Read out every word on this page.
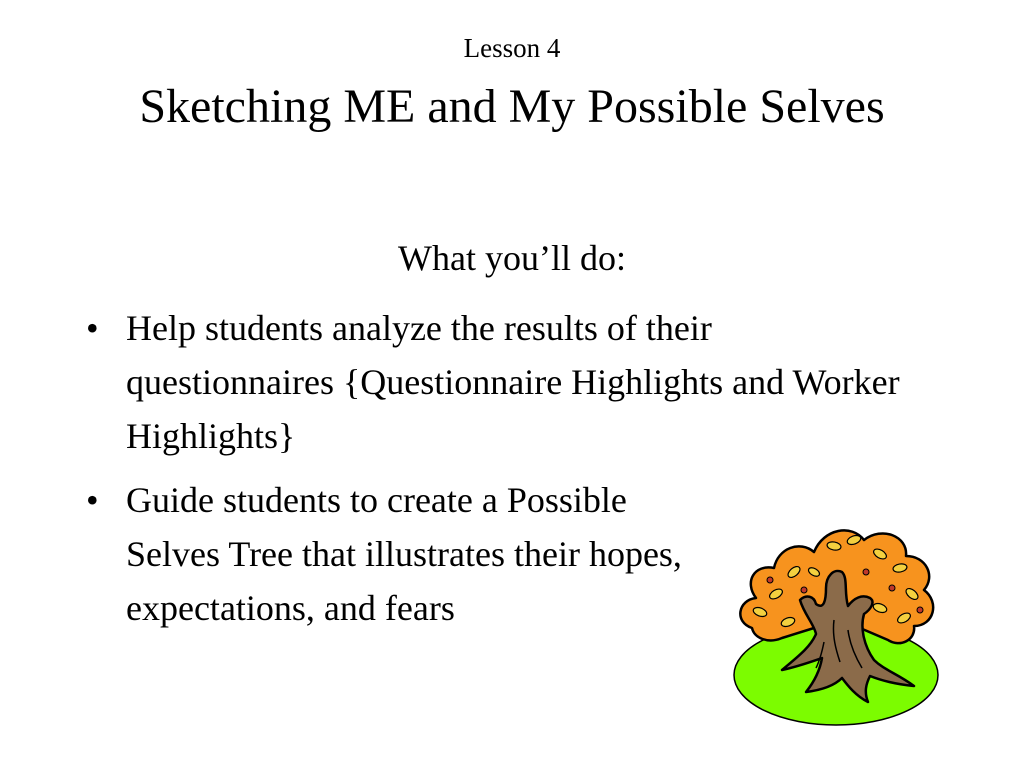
Lesson 4
Sketching ME and My Possible Selves
What you’ll do:
• Help students analyze the results of their questionnaires {Questionnaire Highlights and Worker Highlights}
• Guide students to create a Possible Selves Tree that illustrates their hopes, expectations, and fears
